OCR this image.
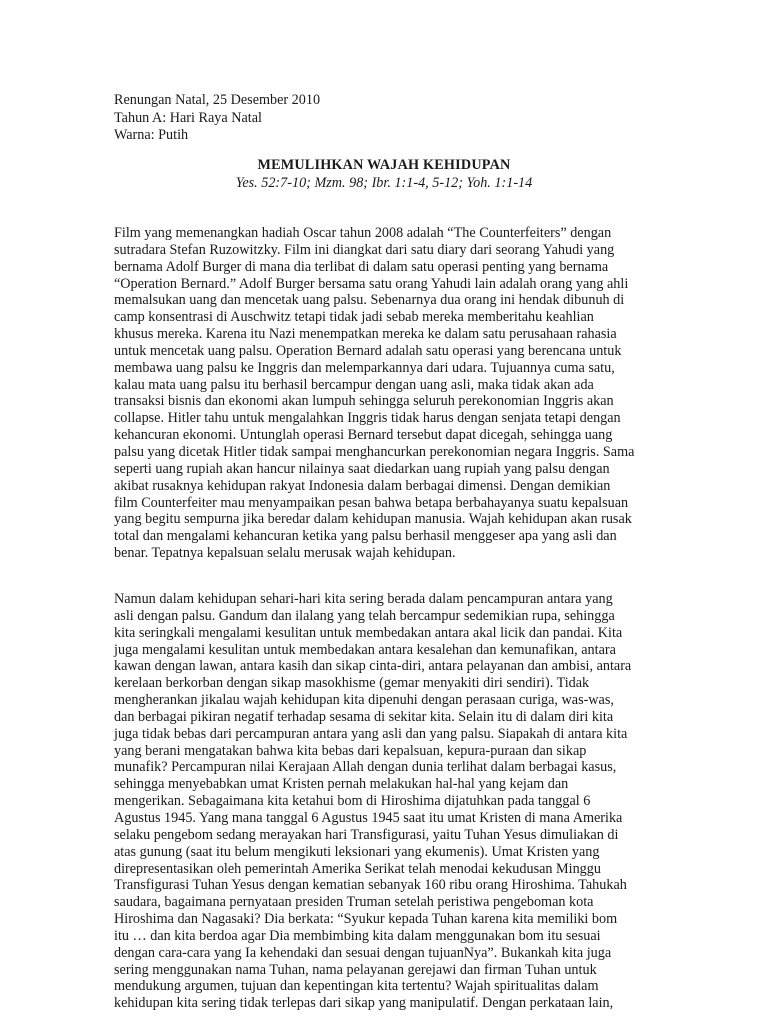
Renungan Natal, 25 Desember 2010
Tahun A: Hari Raya Natal
Warna: Putih
MEMULIHKAN WAJAH KEHIDUPAN
Yes. 52:7-10; Mzm. 98; Ibr. 1:1-4, 5-12; Yoh. 1:1-14
Film yang memenangkan hadiah Oscar tahun 2008 adalah “The Counterfeiters” dengan
sutradara Stefan Ruzowitzky. Film ini diangkat dari satu diary dari seorang Yahudi yang
bernama Adolf Burger di mana dia terlibat di dalam satu operasi penting yang bernama
“Operation Bernard.” Adolf Burger bersama satu orang Yahudi lain adalah orang yang ahli
memalsukan uang dan mencetak uang palsu. Sebenarnya dua orang ini hendak dibunuh di
camp konsentrasi di Auschwitz tetapi tidak jadi sebab mereka memberitahu keahlian
khusus mereka. Karena itu Nazi menempatkan mereka ke dalam satu perusahaan rahasia
untuk mencetak uang palsu. Operation Bernard adalah satu operasi yang berencana untuk
membawa uang palsu ke Inggris dan melemparkannya dari udara. Tujuannya cuma satu,
kalau mata uang palsu itu berhasil bercampur dengan uang asli, maka tidak akan ada
transaksi bisnis dan ekonomi akan lumpuh sehingga seluruh perekonomian Inggris akan
collapse. Hitler tahu untuk mengalahkan Inggris tidak harus dengan senjata tetapi dengan
kehancuran ekonomi. Untunglah operasi Bernard tersebut dapat dicegah, sehingga uang
palsu yang dicetak Hitler tidak sampai menghancurkan perekonomian negara Inggris. Sama
seperti uang rupiah akan hancur nilainya saat diedarkan uang rupiah yang palsu dengan
akibat rusaknya kehidupan rakyat Indonesia dalam berbagai dimensi. Dengan demikian
film Counterfeiter mau menyampaikan pesan bahwa betapa berbahayanya suatu kepalsuan
yang begitu sempurna jika beredar dalam kehidupan manusia. Wajah kehidupan akan rusak
total dan mengalami kehancuran ketika yang palsu berhasil menggeser apa yang asli dan
benar. Tepatnya kepalsuan selalu merusak wajah kehidupan.
Namun dalam kehidupan sehari-hari kita sering berada dalam pencampuran antara yang
asli dengan palsu. Gandum dan ilalang yang telah bercampur sedemikian rupa, sehingga
kita seringkali mengalami kesulitan untuk membedakan antara akal licik dan pandai. Kita
juga mengalami kesulitan untuk membedakan antara kesalehan dan kemunafikan, antara
kawan dengan lawan, antara kasih dan sikap cinta-diri, antara pelayanan dan ambisi, antara
kerelaan berkorban dengan sikap masokhisme (gemar menyakiti diri sendiri). Tidak
mengherankan jikalau wajah kehidupan kita dipenuhi dengan perasaan curiga, was-was,
dan berbagai pikiran negatif terhadap sesama di sekitar kita. Selain itu di dalam diri kita
juga tidak bebas dari percampuran antara yang asli dan yang palsu. Siapakah di antara kita
yang berani mengatakan bahwa kita bebas dari kepalsuan, kepura-puraan dan sikap
munafik? Percampuran nilai Kerajaan Allah dengan dunia terlihat dalam berbagai kasus,
sehingga menyebabkan umat Kristen pernah melakukan hal-hal yang kejam dan
mengerikan. Sebagaimana kita ketahui bom di Hiroshima dijatuhkan pada tanggal 6
Agustus 1945. Yang mana tanggal 6 Agustus 1945 saat itu umat Kristen di mana Amerika
selaku pengebom sedang merayakan hari Transfigurasi, yaitu Tuhan Yesus dimuliakan di
atas gunung (saat itu belum mengikuti leksionari yang ekumenis). Umat Kristen yang
direpresentasikan oleh pemerintah Amerika Serikat telah menodai kekudusan Minggu
Transfigurasi Tuhan Yesus dengan kematian sebanyak 160 ribu orang Hiroshima. Tahukah
saudara, bagaimana pernyataan presiden Truman setelah peristiwa pengeboman kota
Hiroshima dan Nagasaki? Dia berkata: “Syukur kepada Tuhan karena kita memiliki bom
itu … dan kita berdoa agar Dia membimbing kita dalam menggunakan bom itu sesuai
dengan cara-cara yang Ia kehendaki dan sesuai dengan tujuanNya”. Bukankah kita juga
sering menggunakan nama Tuhan, nama pelayanan gerejawi dan firman Tuhan untuk
mendukung argumen, tujuan dan kepentingan kita tertentu? Wajah spiritualitas dalam
kehidupan kita sering tidak terlepas dari sikap yang manipulatif. Dengan perkataan lain,
